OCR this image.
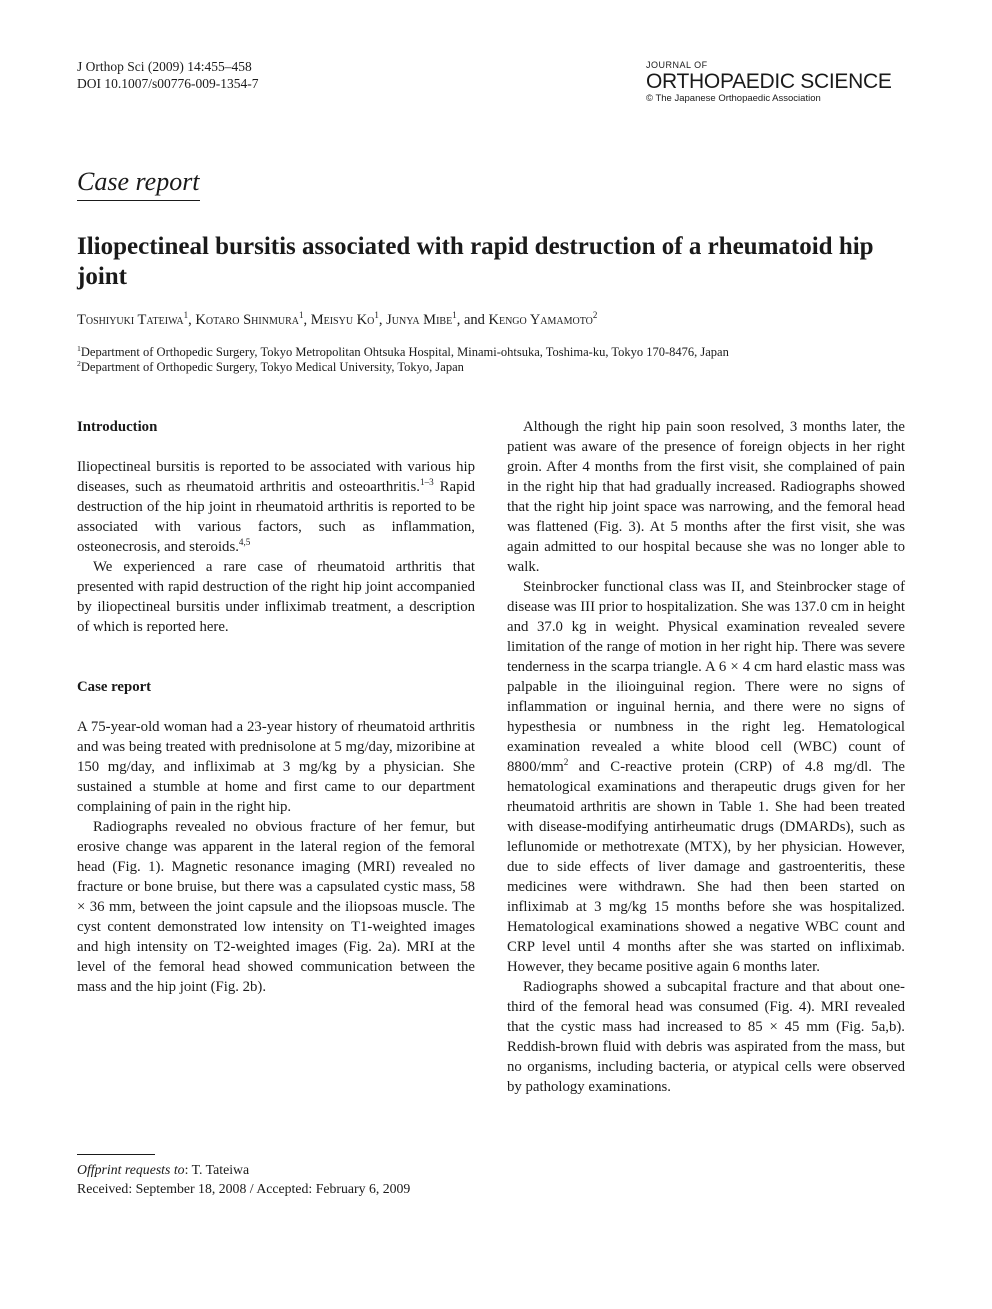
J Orthop Sci (2009) 14:455–458
DOI 10.1007/s00776-009-1354-7
JOURNAL OF
ORTHOPAEDIC SCIENCE
© The Japanese Orthopaedic Association
Case report
Iliopectineal bursitis associated with rapid destruction of a rheumatoid hip joint
Toshiyuki Tateiwa$^1$, Kotaro Shinmura$^1$, Meisyu Ko$^1$, Junya Mibe$^1$, and Kengo Yamamoto$^2$
$^1$Department of Orthopedic Surgery, Tokyo Metropolitan Ohtsuka Hospital, Minami-ohtsuka, Toshima-ku, Tokyo 170-8476, Japan
$^2$Department of Orthopedic Surgery, Tokyo Medical University, Tokyo, Japan
Introduction

Iliopectineal bursitis is reported to be associated with various hip diseases, such as rheumatoid arthritis and osteoarthritis.$^{1-3}$ Rapid destruction of the hip joint in rheumatoid arthritis is reported to be associated with various factors, such as inflammation, osteonecrosis, and steroids.$^{4,5}$

We experienced a rare case of rheumatoid arthritis that presented with rapid destruction of the right hip joint accompanied by iliopectineal bursitis under infliximab treatment, a description of which is reported here.

Case report

A 75-year-old woman had a 23-year history of rheumatoid arthritis and was being treated with prednisolone at 5 mg/day, mizoribine at 150 mg/day, and infliximab at 3 mg/kg by a physician. She sustained a stumble at home and first came to our department complaining of pain in the right hip.

Radiographs revealed no obvious fracture of her femur, but erosive change was apparent in the lateral region of the femoral head (Fig. 1). Magnetic resonance imaging (MRI) revealed no fracture or bone bruise, but there was a capsulated cystic mass, 58 × 36 mm, between the joint capsule and the iliopsoas muscle. The cyst content demonstrated low intensity on T1-weighted images and high intensity on T2-weighted images (Fig. 2a). MRI at the level of the femoral head showed communication between the mass and the hip joint (Fig. 2b).

Although the right hip pain soon resolved, 3 months later, the patient was aware of the presence of foreign objects in her right groin. After 4 months from the first visit, she complained of pain in the right hip that had gradually increased. Radiographs showed that the right hip joint space was narrowing, and the femoral head was flattened (Fig. 3). At 5 months after the first visit, she was again admitted to our hospital because she was no longer able to walk.

Steinbrocker functional class was II, and Steinbrocker stage of disease was III prior to hospitalization. She was 137.0 cm in height and 37.0 kg in weight. Physical examination revealed severe limitation of the range of motion in her right hip. There was severe tenderness in the scarpa triangle. A 6 × 4 cm hard elastic mass was palpable in the ilioinguinal region. There were no signs of inflammation or inguinal hernia, and there were no signs of hypesthesia or numbness in the right leg. Hematological examination revealed a white blood cell (WBC) count of $8800/mm^2$ and C-reactive protein (CRP) of 4.8 mg/dl. The hematological examinations and therapeutic drugs given for her rheumatoid arthritis are shown in Table 1. She had been treated with disease-modifying antirheumatic drugs (DMARDs), such as leflunomide or methotrexate (MTX), by her physician. However, due to side effects of liver damage and gastroenteritis, these medicines were withdrawn. She had then been started on infliximab at 3 mg/kg 15 months before she was hospitalized. Hematological examinations showed a negative WBC count and CRP level until 4 months after she was started on infliximab. However, they became positive again 6 months later.

Radiographs showed a subcapital fracture and that about one-third of the femoral head was consumed (Fig. 4). MRI revealed that the cystic mass had increased to 85 × 45 mm (Fig. 5a,b). Reddish-brown fluid with debris was aspirated from the mass, but no organisms, including bacteria, or atypical cells were observed by pathology examinations.

Offprint requests to: T. Tateiwa
Received: September 18, 2008 / Accepted: February 6, 2009
